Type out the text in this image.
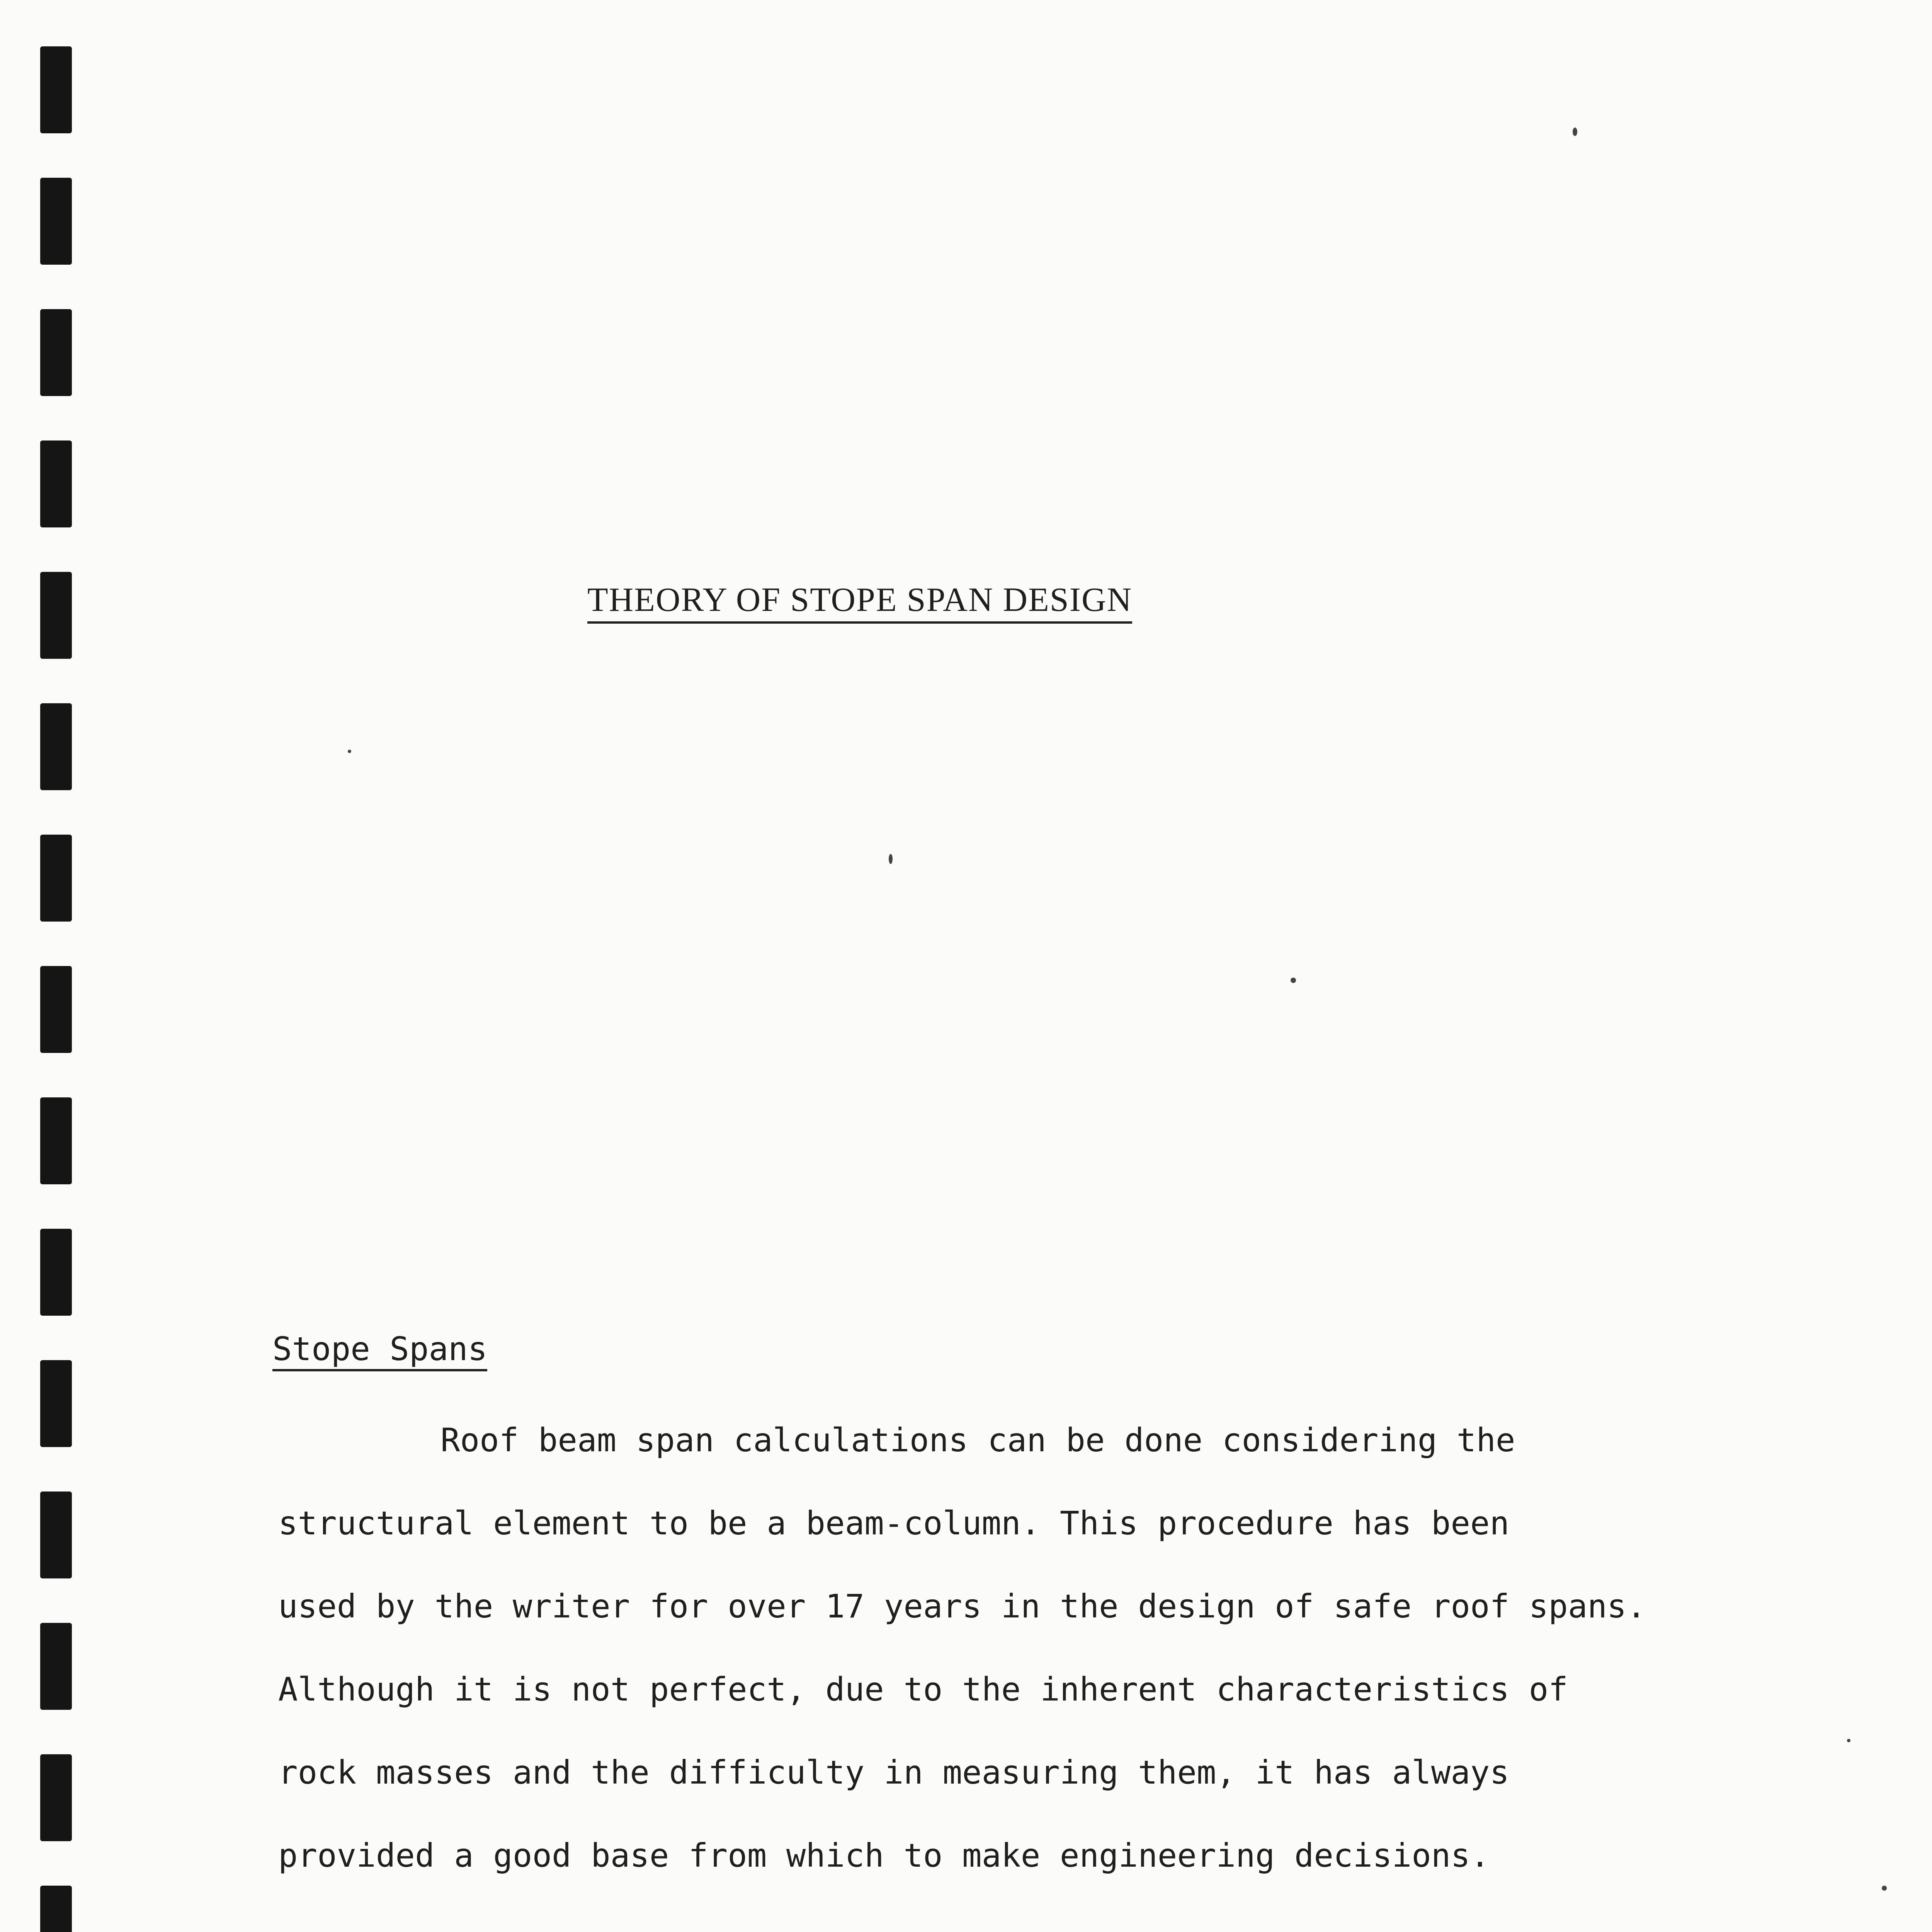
THEORY OF STOPE SPAN DESIGN
Stope Spans

Roof beam span calculations can be done considering the
structural element to be a beam-column. This procedure has been
used by the writer for over 17 years in the design of safe roof spans.
Although it is not perfect, due to the inherent characteristics of
rock masses and the difficulty in measuring them, it has always
provided a good base from which to make engineering decisions.
